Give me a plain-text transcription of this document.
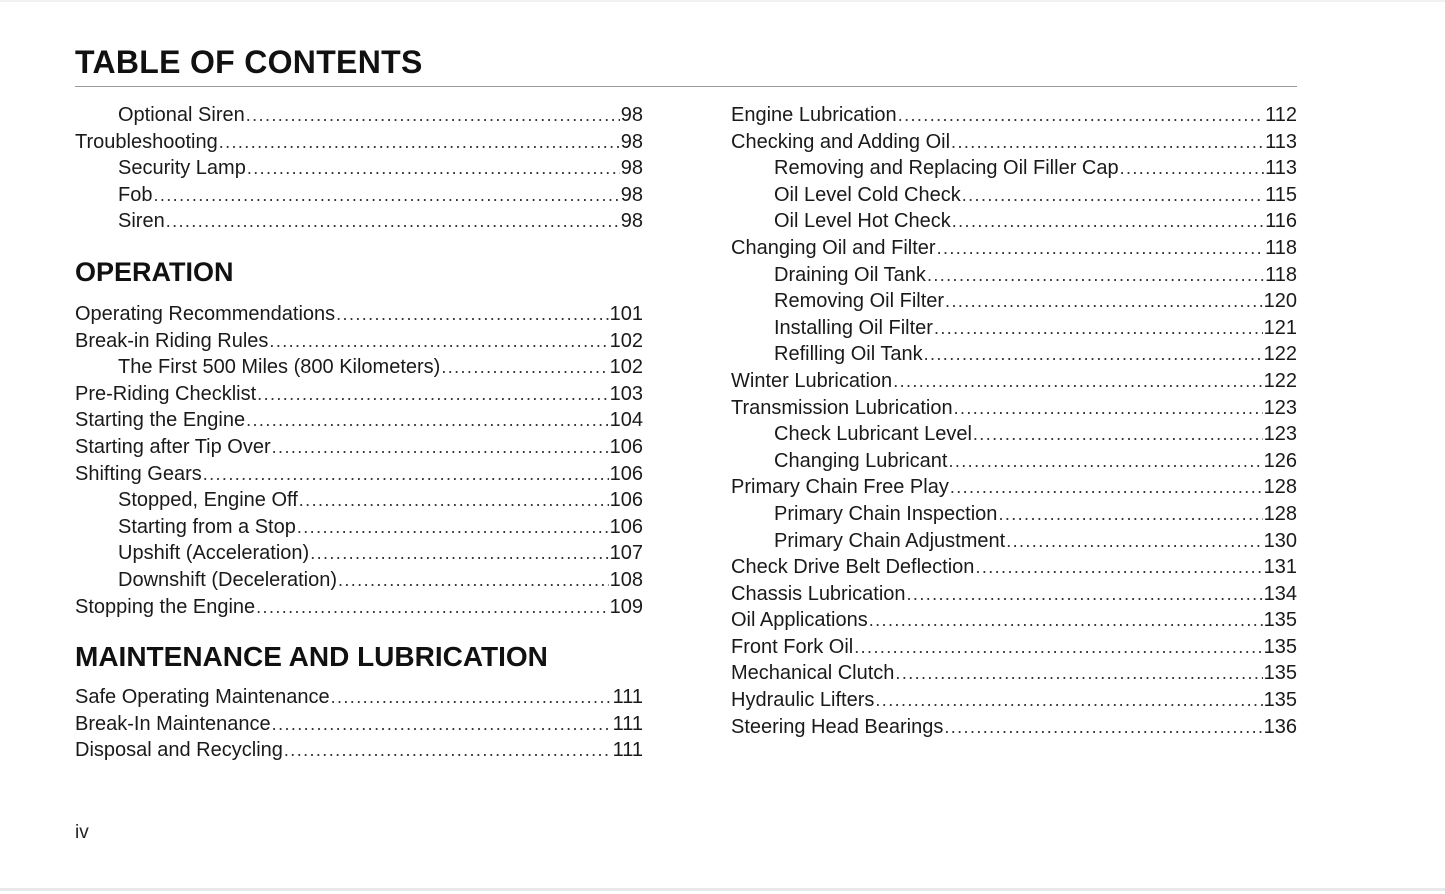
TABLE OF CONTENTS
Optional Siren .....	98
Troubleshooting .....	98
Security Lamp .....	98
Fob .....	98
Siren .....	98
OPERATION
Operating Recommendations .....	101
Break-in Riding Rules .....	102
The First 500 Miles (800 Kilometers) .....	102
Pre-Riding Checklist .....	103
Starting the Engine .....	104
Starting after Tip Over .....	106
Shifting Gears .....	106
Stopped, Engine Off .....	106
Starting from a Stop .....	106
Upshift (Acceleration) .....	107
Downshift (Deceleration) .....	108
Stopping the Engine .....	109
MAINTENANCE AND LUBRICATION
Safe Operating Maintenance .....	111
Break-In Maintenance .....	111
Disposal and Recycling .....	111
Engine Lubrication .....	112
Checking and Adding Oil .....	113
Removing and Replacing Oil Filler Cap .....	113
Oil Level Cold Check .....	115
Oil Level Hot Check .....	116
Changing Oil and Filter .....	118
Draining Oil Tank .....	118
Removing Oil Filter .....	120
Installing Oil Filter .....	121
Refilling Oil Tank .....	122
Winter Lubrication .....	122
Transmission Lubrication .....	123
Check Lubricant Level .....	123
Changing Lubricant .....	126
Primary Chain Free Play .....	128
Primary Chain Inspection .....	128
Primary Chain Adjustment .....	130
Check Drive Belt Deflection .....	131
Chassis Lubrication .....	134
Oil Applications .....	135
Front Fork Oil .....	135
Mechanical Clutch .....	135
Hydraulic Lifters .....	135
Steering Head Bearings .....	136
iv
